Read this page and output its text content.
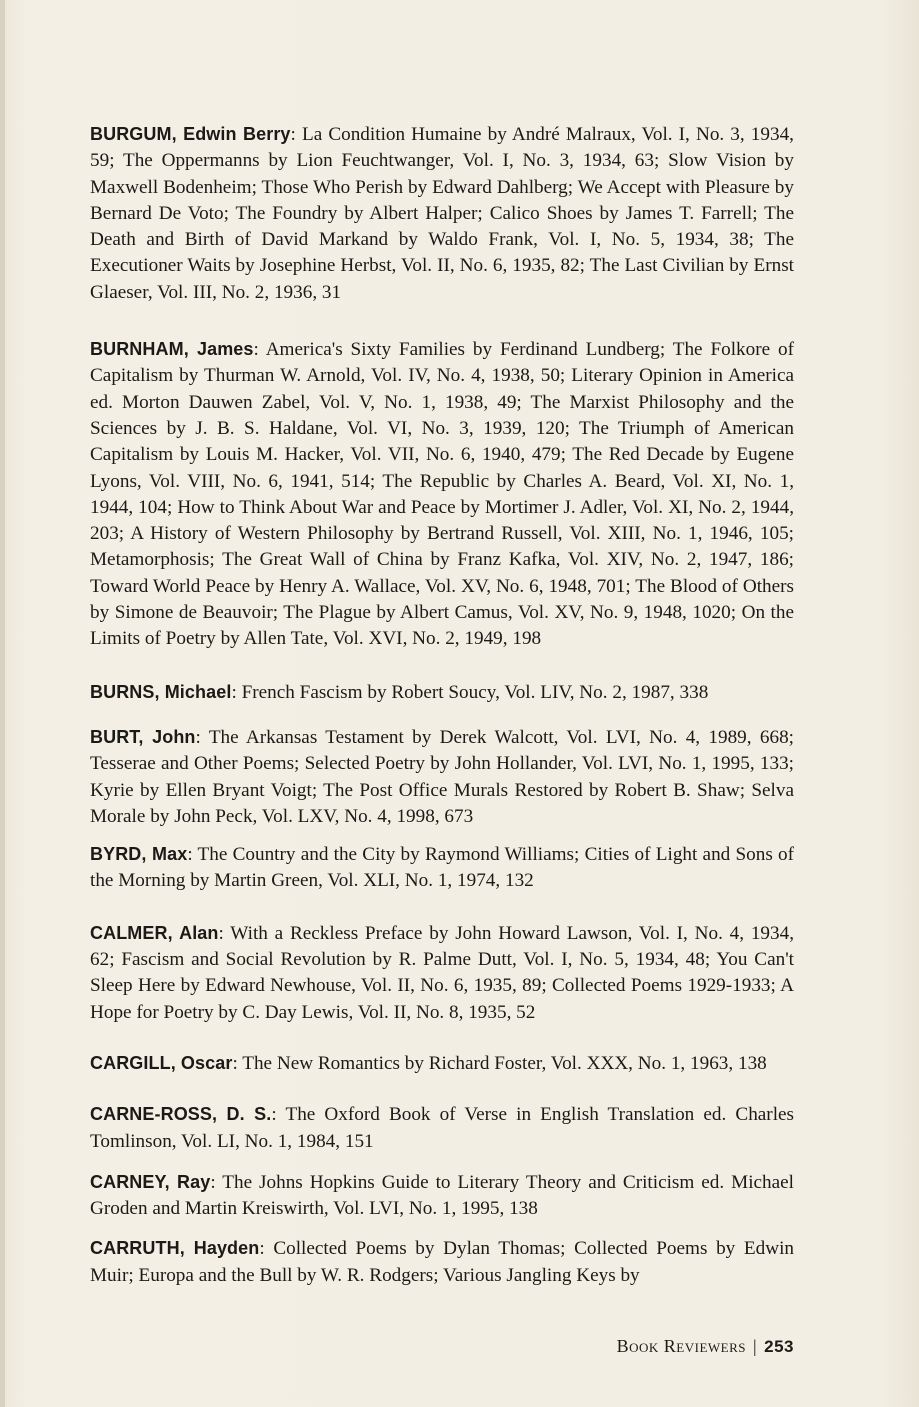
BURGUM, Edwin Berry: La Condition Humaine by André Malraux, Vol. I, No. 3, 1934, 59; The Oppermanns by Lion Feuchtwanger, Vol. I, No. 3, 1934, 63; Slow Vision by Maxwell Bodenheim; Those Who Perish by Edward Dahlberg; We Accept with Pleasure by Bernard De Voto; The Foundry by Albert Halper; Calico Shoes by James T. Farrell; The Death and Birth of David Markand by Waldo Frank, Vol. I, No. 5, 1934, 38; The Executioner Waits by Josephine Herbst, Vol. II, No. 6, 1935, 82; The Last Civilian by Ernst Glaeser, Vol. III, No. 2, 1936, 31

BURNHAM, James: America's Sixty Families by Ferdinand Lundberg; The Folkore of Capitalism by Thurman W. Arnold, Vol. IV, No. 4, 1938, 50; Literary Opinion in America ed. Morton Dauwen Zabel, Vol. V, No. 1, 1938, 49; The Marxist Philosophy and the Sciences by J. B. S. Haldane, Vol. VI, No. 3, 1939, 120; The Triumph of American Capitalism by Louis M. Hacker, Vol. VII, No. 6, 1940, 479; The Red Decade by Eugene Lyons, Vol. VIII, No. 6, 1941, 514; The Republic by Charles A. Beard, Vol. XI, No. 1, 1944, 104; How to Think About War and Peace by Mortimer J. Adler, Vol. XI, No. 2, 1944, 203; A History of Western Philosophy by Bertrand Russell, Vol. XIII, No. 1, 1946, 105; Metamorphosis; The Great Wall of China by Franz Kafka, Vol. XIV, No. 2, 1947, 186; Toward World Peace by Henry A. Wallace, Vol. XV, No. 6, 1948, 701; The Blood of Others by Simone de Beauvoir; The Plague by Albert Camus, Vol. XV, No. 9, 1948, 1020; On the Limits of Poetry by Allen Tate, Vol. XVI, No. 2, 1949, 198

BURNS, Michael: French Fascism by Robert Soucy, Vol. LIV, No. 2, 1987, 338

BURT, John: The Arkansas Testament by Derek Walcott, Vol. LVI, No. 4, 1989, 668; Tesserae and Other Poems; Selected Poetry by John Hollander, Vol. LVI, No. 1, 1995, 133; Kyrie by Ellen Bryant Voigt; The Post Office Murals Restored by Robert B. Shaw; Selva Morale by John Peck, Vol. LXV, No. 4, 1998, 673

BYRD, Max: The Country and the City by Raymond Williams; Cities of Light and Sons of the Morning by Martin Green, Vol. XLI, No. 1, 1974, 132

CALMER, Alan: With a Reckless Preface by John Howard Lawson, Vol. I, No. 4, 1934, 62; Fascism and Social Revolution by R. Palme Dutt, Vol. I, No. 5, 1934, 48; You Can't Sleep Here by Edward Newhouse, Vol. II, No. 6, 1935, 89; Collected Poems 1929-1933; A Hope for Poetry by C. Day Lewis, Vol. II, No. 8, 1935, 52

CARGILL, Oscar: The New Romantics by Richard Foster, Vol. XXX, No. 1, 1963, 138

CARNE-ROSS, D. S.: The Oxford Book of Verse in English Translation ed. Charles Tomlinson, Vol. LI, No. 1, 1984, 151

CARNEY, Ray: The Johns Hopkins Guide to Literary Theory and Criticism ed. Michael Groden and Martin Kreiswirth, Vol. LVI, No. 1, 1995, 138

CARRUTH, Hayden: Collected Poems by Dylan Thomas; Collected Poems by Edwin Muir; Europa and the Bull by W. R. Rodgers; Various Jangling Keys by

Book Reviewers | 253
